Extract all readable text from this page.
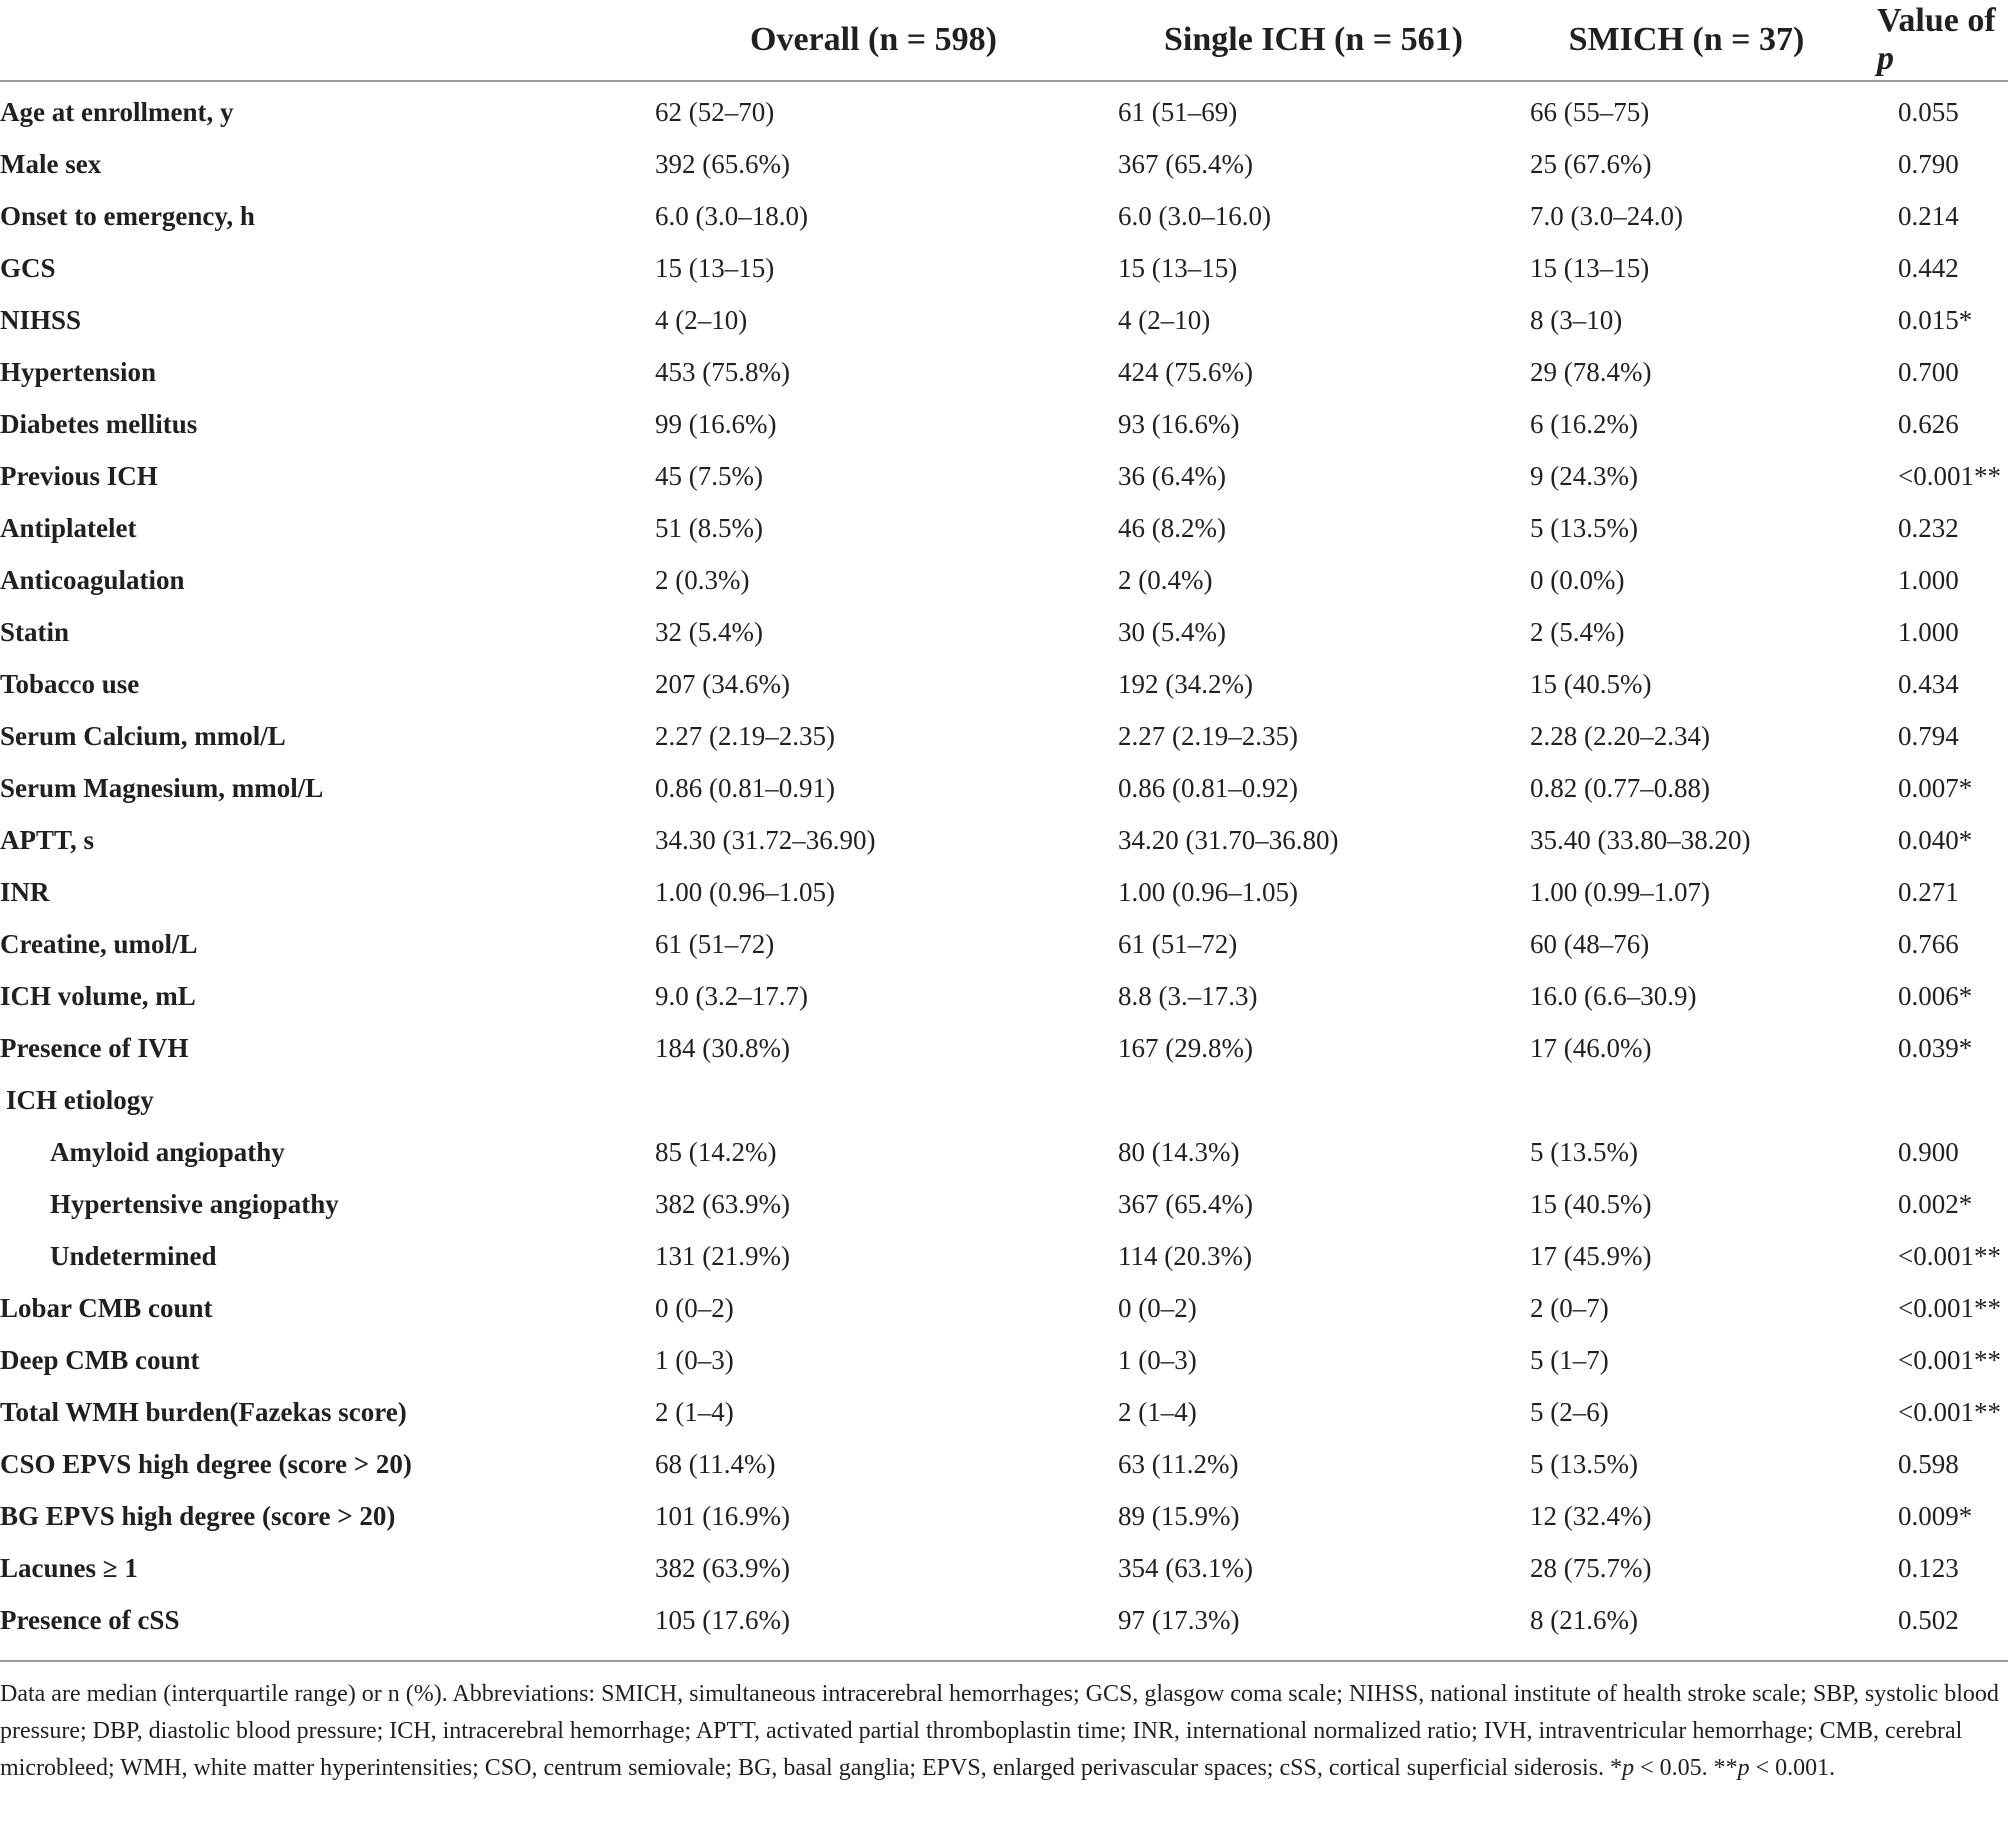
	Overall (n = 598)	Single ICH (n = 561)	SMICH (n = 37)	Value of p
Age at enrollment, y	62 (52–70)	61 (51–69)	66 (55–75)	0.055
Male sex	392 (65.6%)	367 (65.4%)	25 (67.6%)	0.790
Onset to emergency, h	6.0 (3.0–18.0)	6.0 (3.0–16.0)	7.0 (3.0–24.0)	0.214
GCS	15 (13–15)	15 (13–15)	15 (13–15)	0.442
NIHSS	4 (2–10)	4 (2–10)	8 (3–10)	0.015*
Hypertension	453 (75.8%)	424 (75.6%)	29 (78.4%)	0.700
Diabetes mellitus	99 (16.6%)	93 (16.6%)	6 (16.2%)	0.626
Previous ICH	45 (7.5%)	36 (6.4%)	9 (24.3%)	<0.001**
Antiplatelet	51 (8.5%)	46 (8.2%)	5 (13.5%)	0.232
Anticoagulation	2 (0.3%)	2 (0.4%)	0 (0.0%)	1.000
Statin	32 (5.4%)	30 (5.4%)	2 (5.4%)	1.000
Tobacco use	207 (34.6%)	192 (34.2%)	15 (40.5%)	0.434
Serum Calcium, mmol/L	2.27 (2.19–2.35)	2.27 (2.19–2.35)	2.28 (2.20–2.34)	0.794
Serum Magnesium, mmol/L	0.86 (0.81–0.91)	0.86 (0.81–0.92)	0.82 (0.77–0.88)	0.007*
APTT, s	34.30 (31.72–36.90)	34.20 (31.70–36.80)	35.40 (33.80–38.20)	0.040*
INR	1.00 (0.96–1.05)	1.00 (0.96–1.05)	1.00 (0.99–1.07)	0.271
Creatine, umol/L	61 (51–72)	61 (51–72)	60 (48–76)	0.766
ICH volume, mL	9.0 (3.2–17.7)	8.8 (3.–17.3)	16.0 (6.6–30.9)	0.006*
Presence of IVH	184 (30.8%)	167 (29.8%)	17 (46.0%)	0.039*
ICH etiology				
Amyloid angiopathy	85 (14.2%)	80 (14.3%)	5 (13.5%)	0.900
Hypertensive angiopathy	382 (63.9%)	367 (65.4%)	15 (40.5%)	0.002*
Undetermined	131 (21.9%)	114 (20.3%)	17 (45.9%)	<0.001**
Lobar CMB count	0 (0–2)	0 (0–2)	2 (0–7)	<0.001**
Deep CMB count	1 (0–3)	1 (0–3)	5 (1–7)	<0.001**
Total WMH burden(Fazekas score)	2 (1–4)	2 (1–4)	5 (2–6)	<0.001**
CSO EPVS high degree (score > 20)	68 (11.4%)	63 (11.2%)	5 (13.5%)	0.598
BG EPVS high degree (score > 20)	101 (16.9%)	89 (15.9%)	12 (32.4%)	0.009*
Lacunes ≥ 1	382 (63.9%)	354 (63.1%)	28 (75.7%)	0.123
Presence of cSS	105 (17.6%)	97 (17.3%)	8 (21.6%)	0.502
Data are median (interquartile range) or n (%). Abbreviations: SMICH, simultaneous intracerebral hemorrhages; GCS, glasgow coma scale; NIHSS, national institute of health stroke scale; SBP, systolic blood pressure; DBP, diastolic blood pressure; ICH, intracerebral hemorrhage; APTT, activated partial thromboplastin time; INR, international normalized ratio; IVH, intraventricular hemorrhage; CMB, cerebral microbleed; WMH, white matter hyperintensities; CSO, centrum semiovale; BG, basal ganglia; EPVS, enlarged perivascular spaces; cSS, cortical superficial siderosis. *p < 0.05. **p < 0.001.
